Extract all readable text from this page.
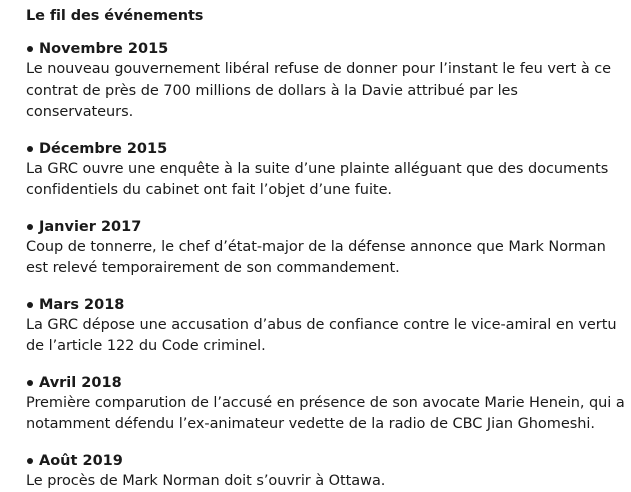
Le fil des événements
Novembre 2015
Le nouveau gouvernement libéral refuse de donner pour l’instant le feu vert à ce contrat de près de 700 millions de dollars à la Davie attribué par les conservateurs.
Décembre 2015
La GRC ouvre une enquête à la suite d’une plainte alléguant que des documents confidentiels du cabinet ont fait l’objet d’une fuite.
Janvier 2017
Coup de tonnerre, le chef d’état-major de la défense annonce que Mark Norman est relevé temporairement de son commandement.
Mars 2018
La GRC dépose une accusation d’abus de confiance contre le vice-amiral en vertu de l’article 122 du Code criminel.
Avril 2018
Première comparution de l’accusé en présence de son avocate Marie Henein, qui a notamment défendu l’ex-animateur vedette de la radio de CBC Jian Ghomeshi.
Août 2019
Le procès de Mark Norman doit s’ouvrir à Ottawa.
